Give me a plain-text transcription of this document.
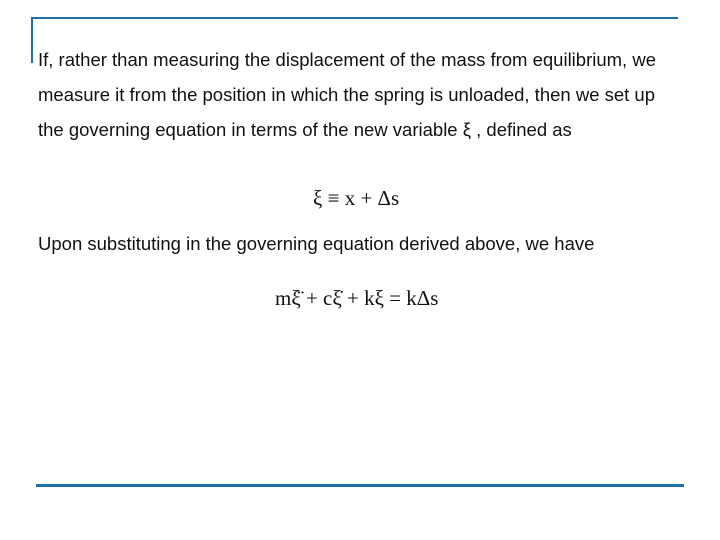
If, rather than measuring the displacement of the mass from equilibrium, we measure it from the position in which the spring is unloaded, then we set up the governing equation in terms of the new variable ξ , defined as

ξ ≡ x + Δs

Upon substituting in the governing equation derived above, we have

mξ̈ + cξ̇ + kξ = kΔs
